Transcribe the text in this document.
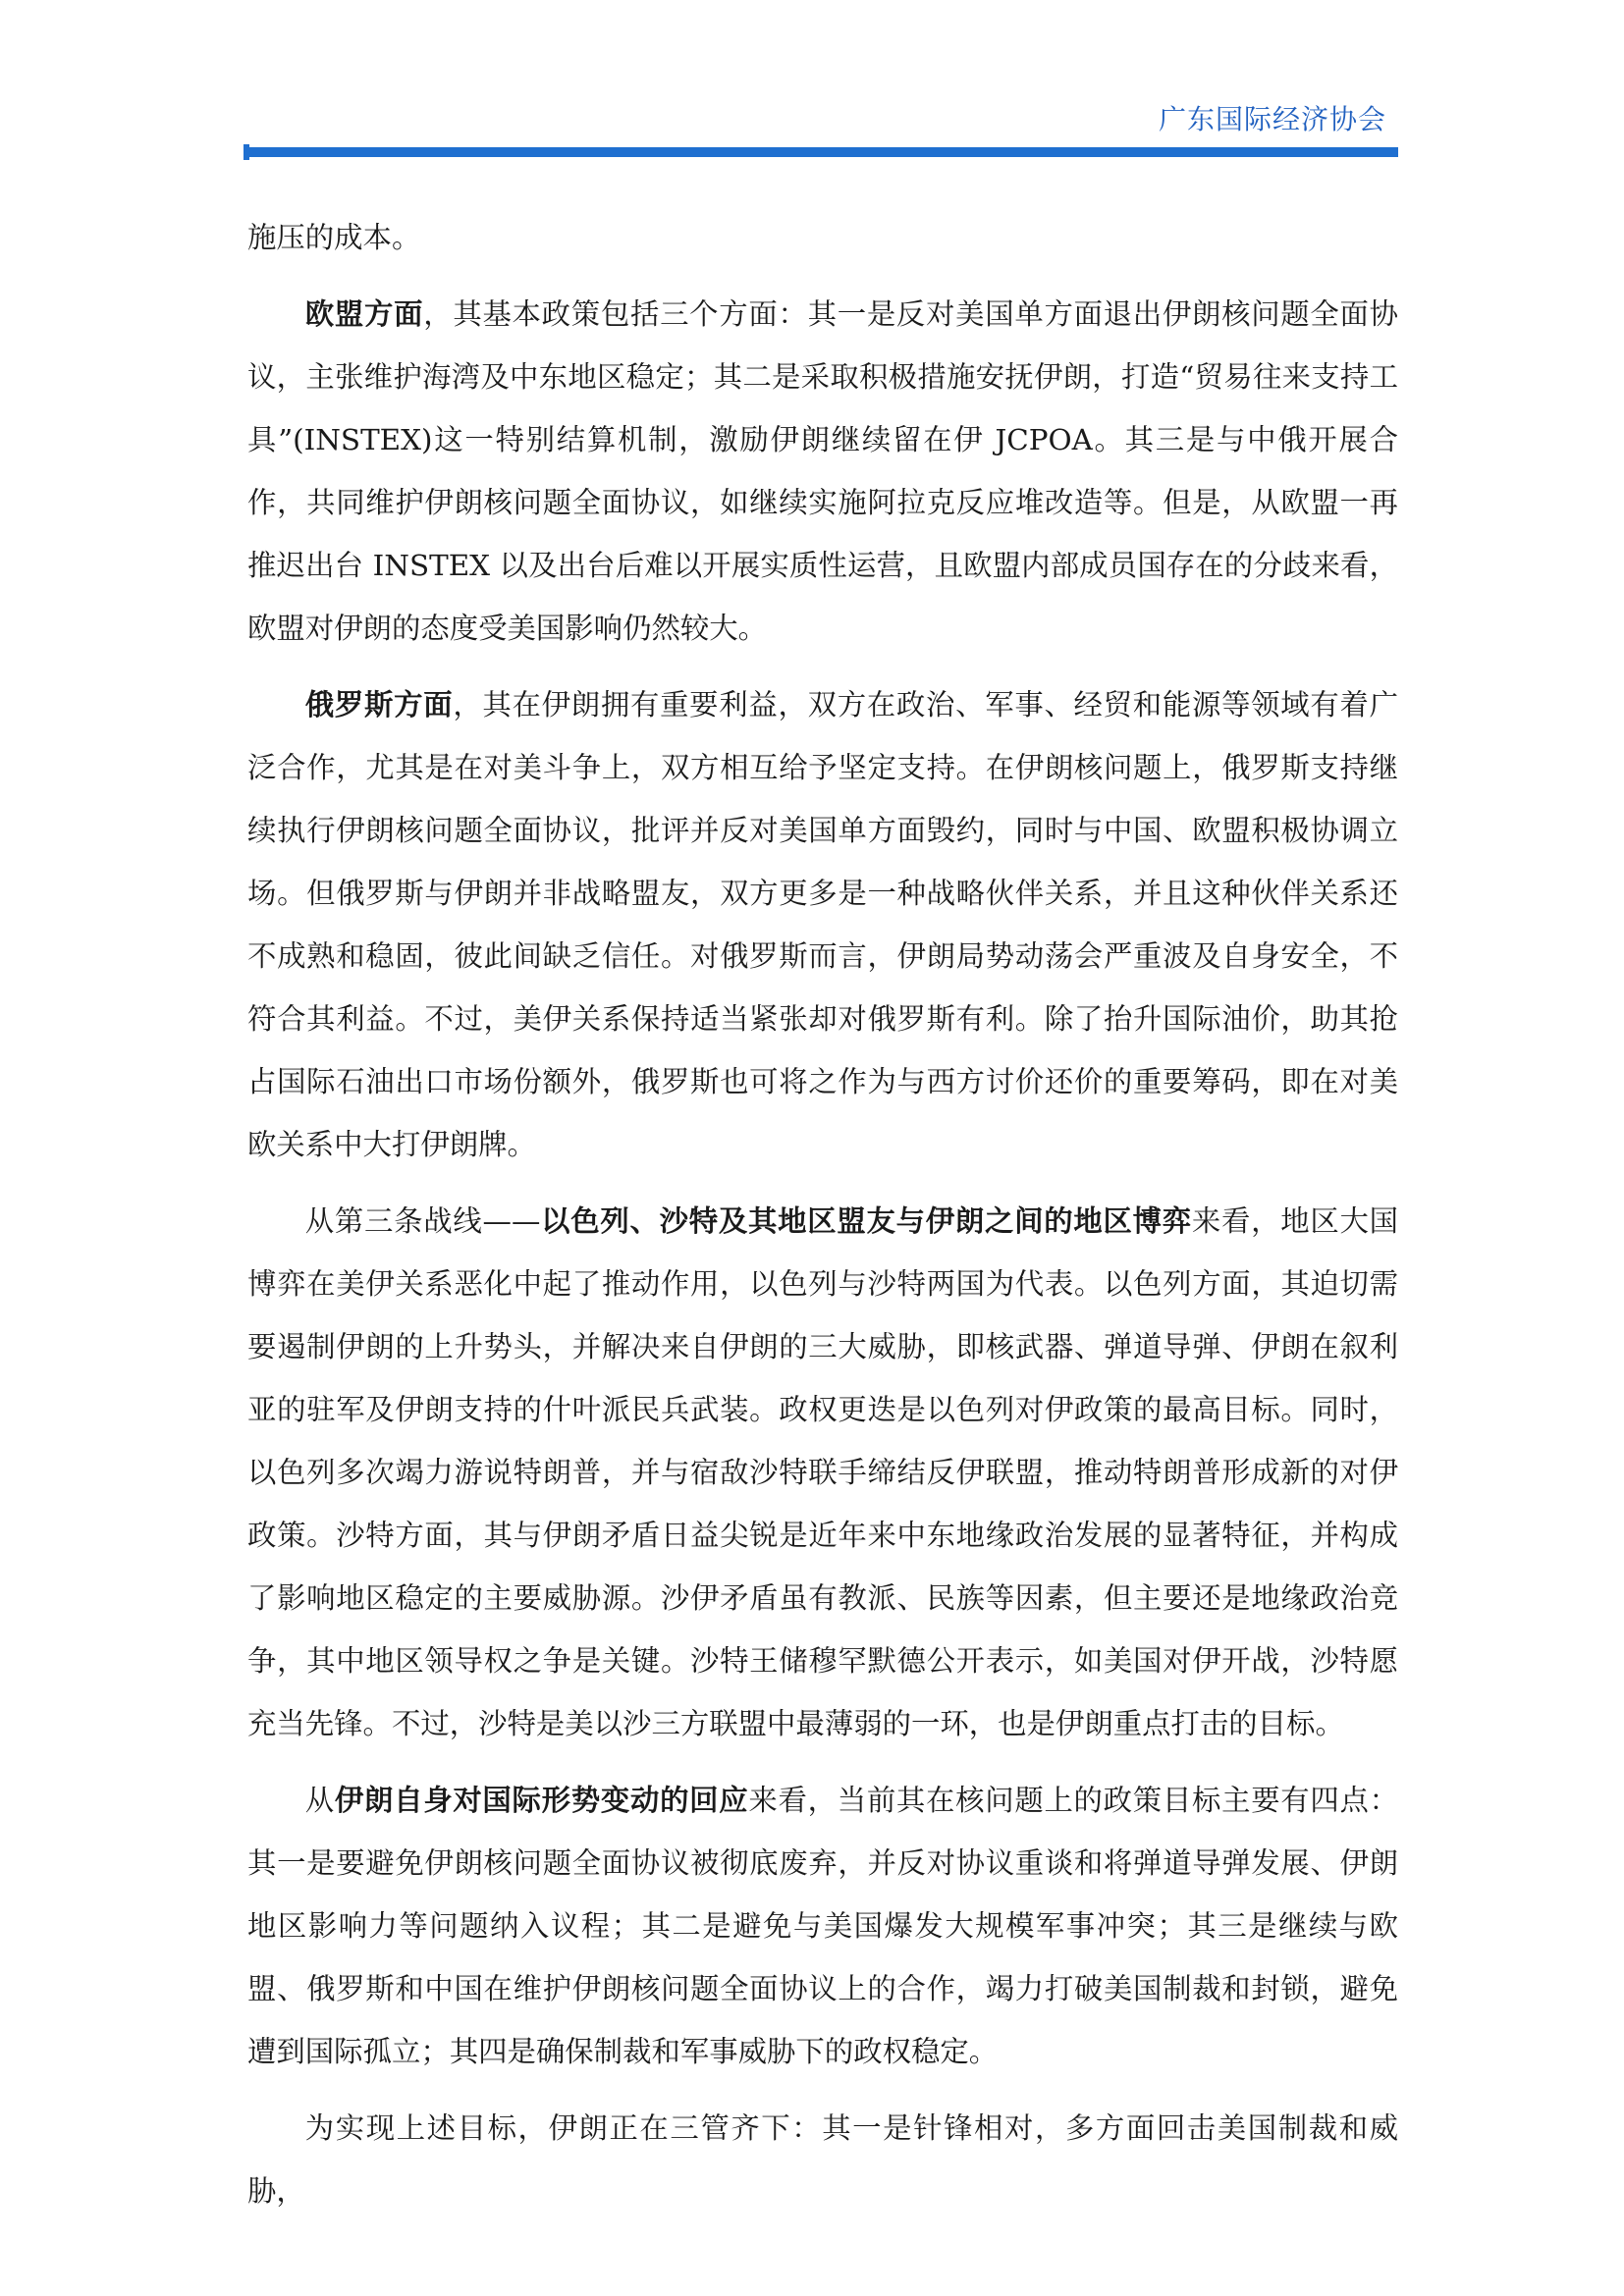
广东国际经济协会

施压的成本。

欧盟方面，其基本政策包括三个方面：其一是反对美国单方面退出伊朗核问题全面协议，主张维护海湾及中东地区稳定；其二是采取积极措施安抚伊朗，打造“贸易往来支持工具”(INSTEX)这一特别结算机制，激励伊朗继续留在伊 JCPOA。其三是与中俄开展合作，共同维护伊朗核问题全面协议，如继续实施阿拉克反应堆改造等。但是，从欧盟一再推迟出台 INSTEX 以及出台后难以开展实质性运营，且欧盟内部成员国存在的分歧来看，欧盟对伊朗的态度受美国影响仍然较大。

俄罗斯方面，其在伊朗拥有重要利益，双方在政治、军事、经贸和能源等领域有着广泛合作，尤其是在对美斗争上，双方相互给予坚定支持。在伊朗核问题上，俄罗斯支持继续执行伊朗核问题全面协议，批评并反对美国单方面毁约，同时与中国、欧盟积极协调立场。但俄罗斯与伊朗并非战略盟友，双方更多是一种战略伙伴关系，并且这种伙伴关系还不成熟和稳固，彼此间缺乏信任。对俄罗斯而言，伊朗局势动荡会严重波及自身安全，不符合其利益。不过，美伊关系保持适当紧张却对俄罗斯有利。除了抬升国际油价，助其抢占国际石油出口市场份额外，俄罗斯也可将之作为与西方讨价还价的重要筹码，即在对美欧关系中大打伊朗牌。

从第三条战线——以色列、沙特及其地区盟友与伊朗之间的地区博弈来看，地区大国博弈在美伊关系恶化中起了推动作用，以色列与沙特两国为代表。以色列方面，其迫切需要遏制伊朗的上升势头，并解决来自伊朗的三大威胁，即核武器、弹道导弹、伊朗在叙利亚的驻军及伊朗支持的什叶派民兵武装。政权更迭是以色列对伊政策的最高目标。同时，以色列多次竭力游说特朗普，并与宿敌沙特联手缔结反伊联盟，推动特朗普形成新的对伊政策。沙特方面，其与伊朗矛盾日益尖锐是近年来中东地缘政治发展的显著特征，并构成了影响地区稳定的主要威胁源。沙伊矛盾虽有教派、民族等因素，但主要还是地缘政治竞争，其中地区领导权之争是关键。沙特王储穆罕默德公开表示，如美国对伊开战，沙特愿充当先锋。不过，沙特是美以沙三方联盟中最薄弱的一环，也是伊朗重点打击的目标。

从伊朗自身对国际形势变动的回应来看，当前其在核问题上的政策目标主要有四点：其一是要避免伊朗核问题全面协议被彻底废弃，并反对协议重谈和将弹道导弹发展、伊朗地区影响力等问题纳入议程；其二是避免与美国爆发大规模军事冲突；其三是继续与欧盟、俄罗斯和中国在维护伊朗核问题全面协议上的合作，竭力打破美国制裁和封锁，避免遭到国际孤立；其四是确保制裁和军事威胁下的政权稳定。

为实现上述目标，伊朗正在三管齐下：其一是针锋相对，多方面回击美国制裁和威胁，
